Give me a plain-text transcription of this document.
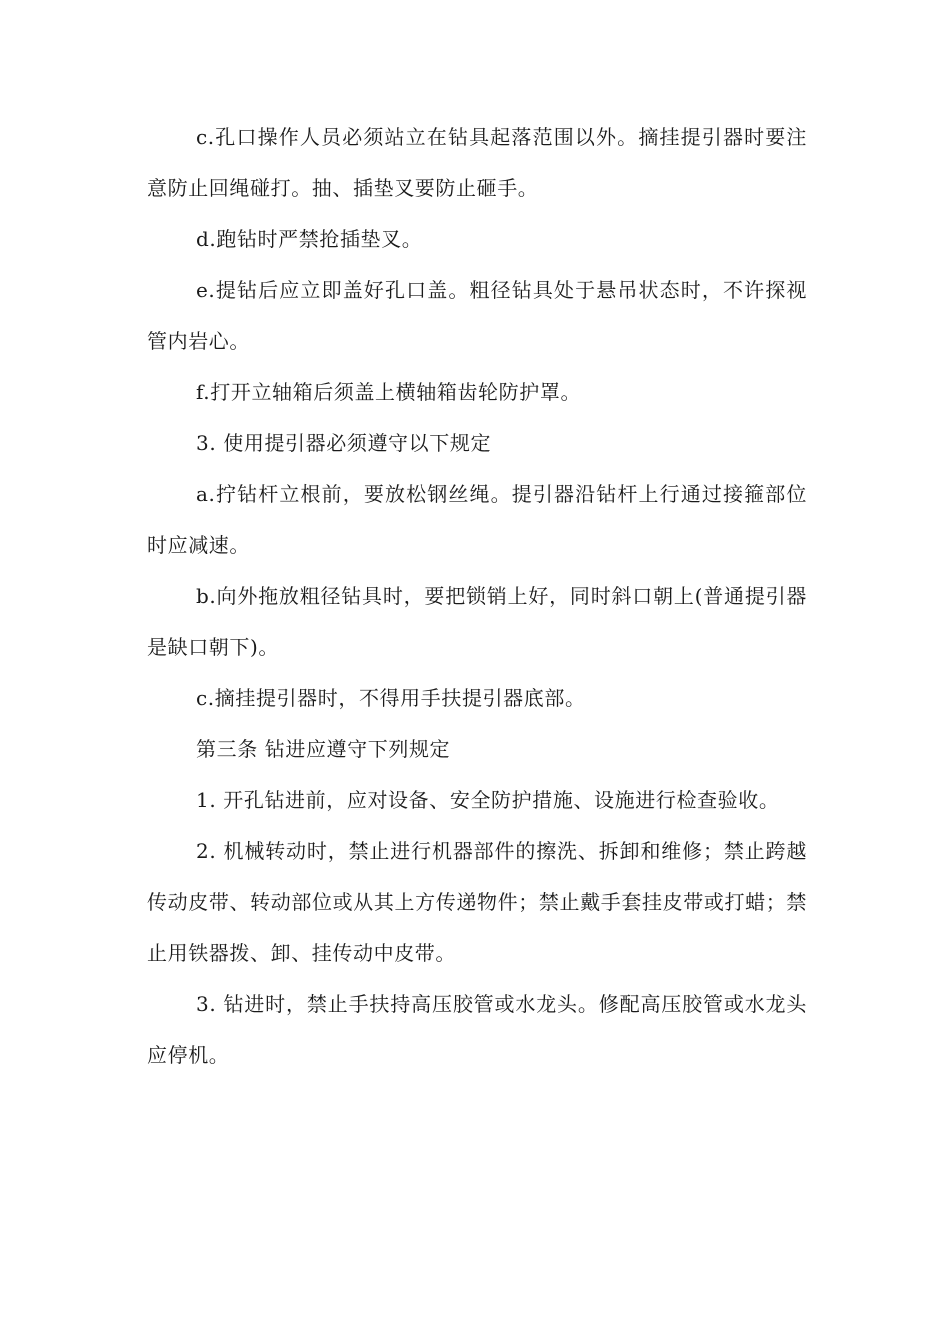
c.孔口操作人员必须站立在钻具起落范围以外。摘挂提引器时要注意防止回绳碰打。抽、插垫叉要防止砸手。

d.跑钻时严禁抢插垫叉。

e.提钻后应立即盖好孔口盖。粗径钻具处于悬吊状态时，不许探视管内岩心。

f.打开立轴箱后须盖上横轴箱齿轮防护罩。

3. 使用提引器必须遵守以下规定

a.拧钻杆立根前，要放松钢丝绳。提引器沿钻杆上行通过接箍部位时应减速。

b.向外拖放粗径钻具时，要把锁销上好，同时斜口朝上(普通提引器是缺口朝下)。

c.摘挂提引器时，不得用手扶提引器底部。

第三条 钻进应遵守下列规定

1. 开孔钻进前，应对设备、安全防护措施、设施进行检查验收。

2. 机械转动时，禁止进行机器部件的擦洗、拆卸和维修；禁止跨越传动皮带、转动部位或从其上方传递物件；禁止戴手套挂皮带或打蜡；禁止用铁器拨、卸、挂传动中皮带。

3. 钻进时，禁止手扶持高压胶管或水龙头。修配高压胶管或水龙头应停机。
